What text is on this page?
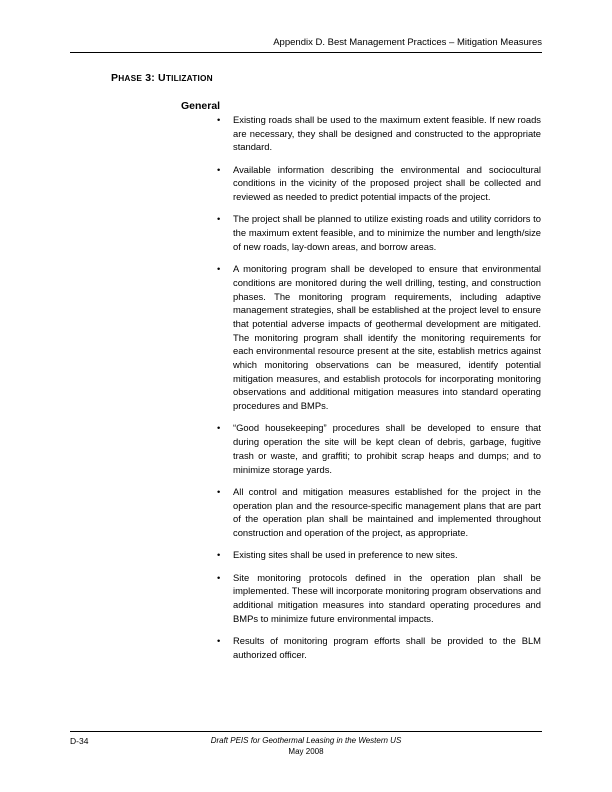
Appendix D. Best Management Practices – Mitigation Measures
PHASE 3: UTILIZATION
General
• Existing roads shall be used to the maximum extent feasible. If new roads are necessary, they shall be designed and constructed to the appropriate standard.
• Available information describing the environmental and sociocultural conditions in the vicinity of the proposed project shall be collected and reviewed as needed to predict potential impacts of the project.
• The project shall be planned to utilize existing roads and utility corridors to the maximum extent feasible, and to minimize the number and length/size of new roads, lay-down areas, and borrow areas.
• A monitoring program shall be developed to ensure that environmental conditions are monitored during the well drilling, testing, and construction phases. The monitoring program requirements, including adaptive management strategies, shall be established at the project level to ensure that potential adverse impacts of geothermal development are mitigated. The monitoring program shall identify the monitoring requirements for each environmental resource present at the site, establish metrics against which monitoring observations can be measured, identify potential mitigation measures, and establish protocols for incorporating monitoring observations and additional mitigation measures into standard operating procedures and BMPs.
• “Good housekeeping” procedures shall be developed to ensure that during operation the site will be kept clean of debris, garbage, fugitive trash or waste, and graffiti; to prohibit scrap heaps and dumps; and to minimize storage yards.
• All control and mitigation measures established for the project in the operation plan and the resource-specific management plans that are part of the operation plan shall be maintained and implemented throughout construction and operation of the project, as appropriate.
• Existing sites shall be used in preference to new sites.
• Site monitoring protocols defined in the operation plan shall be implemented. These will incorporate monitoring program observations and additional mitigation measures into standard operating procedures and BMPs to minimize future environmental impacts.
• Results of monitoring program efforts shall be provided to the BLM authorized officer.
D-34	Draft PEIS for Geothermal Leasing in the Western US
May 2008
